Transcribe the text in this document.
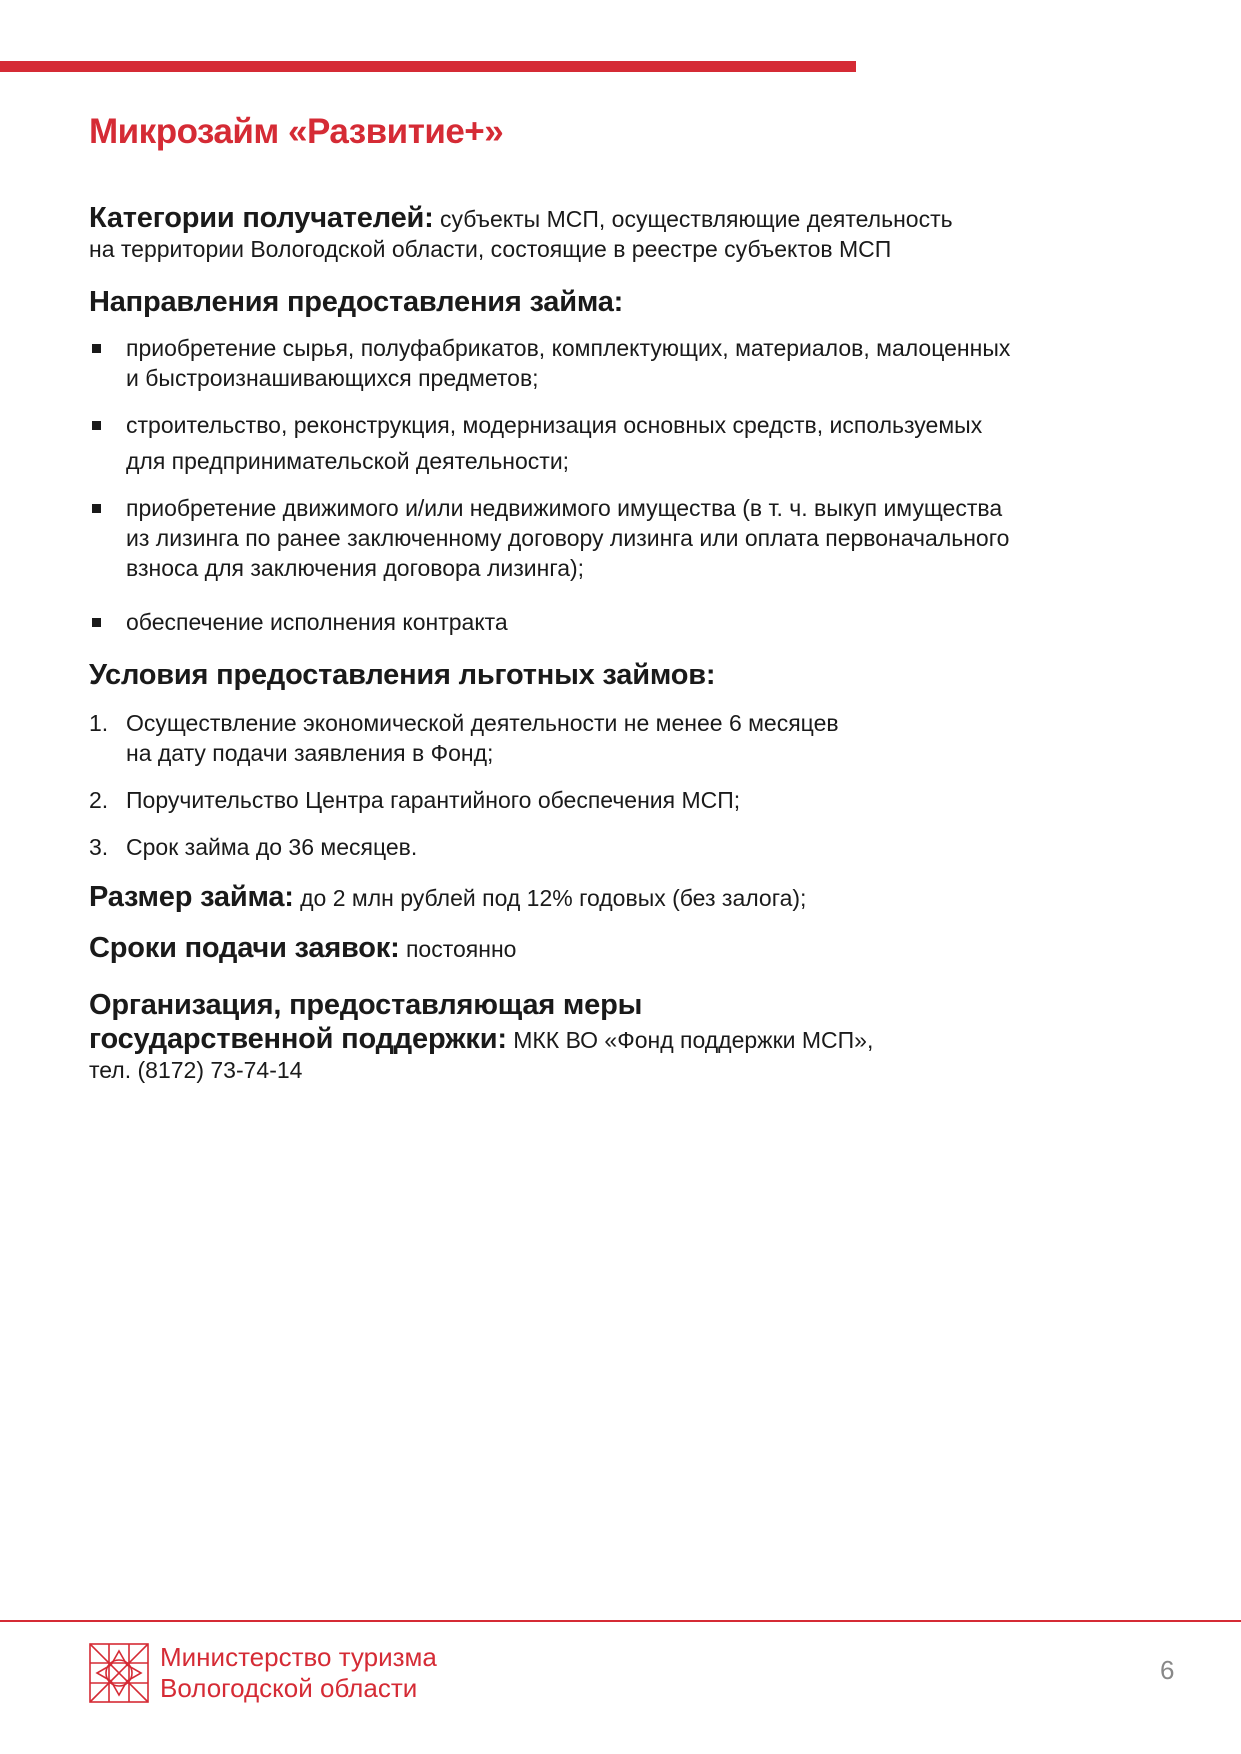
Микрозайм «Развитие+»

Категории получателей: субъекты МСП, осуществляющие деятельность
на территории Вологодской области, состоящие в реестре субъектов МСП

Направления предоставления займа:

приобретение сырья, полуфабрикатов, комплектующих, материалов, малоценных
и быстроизнашивающихся предметов;
строительство, реконструкция, модернизация основных средств, используемых
для предпринимательской деятельности;
приобретение движимого и/или недвижимого имущества (в т. ч. выкуп имущества
из лизинга по ранее заключенному договору лизинга или оплата первоначального
взноса для заключения договора лизинга);
обеспечение исполнения контракта

Условия предоставления льготных займов:

1. Осуществление экономической деятельности не менее 6 месяцев
на дату подачи заявления в Фонд;
2. Поручительство Центра гарантийного обеспечения МСП;
3. Срок займа до 36 месяцев.

Размер займа: до 2 млн рублей под 12% годовых (без залога);

Сроки подачи заявок: постоянно

Организация, предоставляющая меры

государственной поддержки: МКК ВО «Фонд поддержки МСП»,

тел. (8172) 73-74-14

Министерство туризма
Вологодской области
6
